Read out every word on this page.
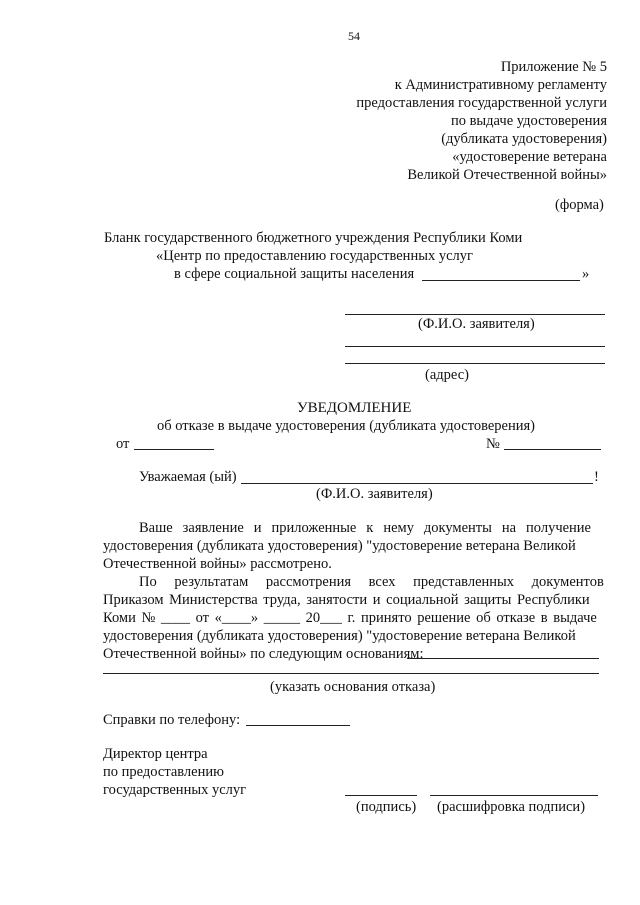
54
Приложение № 5
к Административному регламенту
предоставления государственной услуги
по выдаче удостоверения
(дубликата удостоверения)
«удостоверение ветерана
Великой Отечественной войны»
(форма)
Бланк государственного бюджетного учреждения Республики Коми
«Центр по предоставлению государственных услуг
в сфере социальной защиты населения	»
(Ф.И.О. заявителя)
(адрес)
УВЕДОМЛЕНИЕ
об отказе в выдаче удостоверения (дубликата удостоверения)
от	№
Уважаемая (ый)	!
(Ф.И.О. заявителя)
Ваше заявление и приложенные к нему документы на получение
удостоверения (дубликата удостоверения) "удостоверение ветерана Великой
Отечественной войны» рассмотрено.
По результатам рассмотрения всех представленных документов
Приказом Министерства труда, занятости и социальной защиты Республики
Коми № ____ от «____» _____ 20___ г. принято решение об отказе в выдаче
удостоверения (дубликата удостоверения) "удостоверение ветерана Великой
Отечественной войны» по следующим основаниям:
(указать основания отказа)
Справки по телефону:
Директор центра
по предоставлению
государственных услуг
(подпись) (расшифровка подписи)
